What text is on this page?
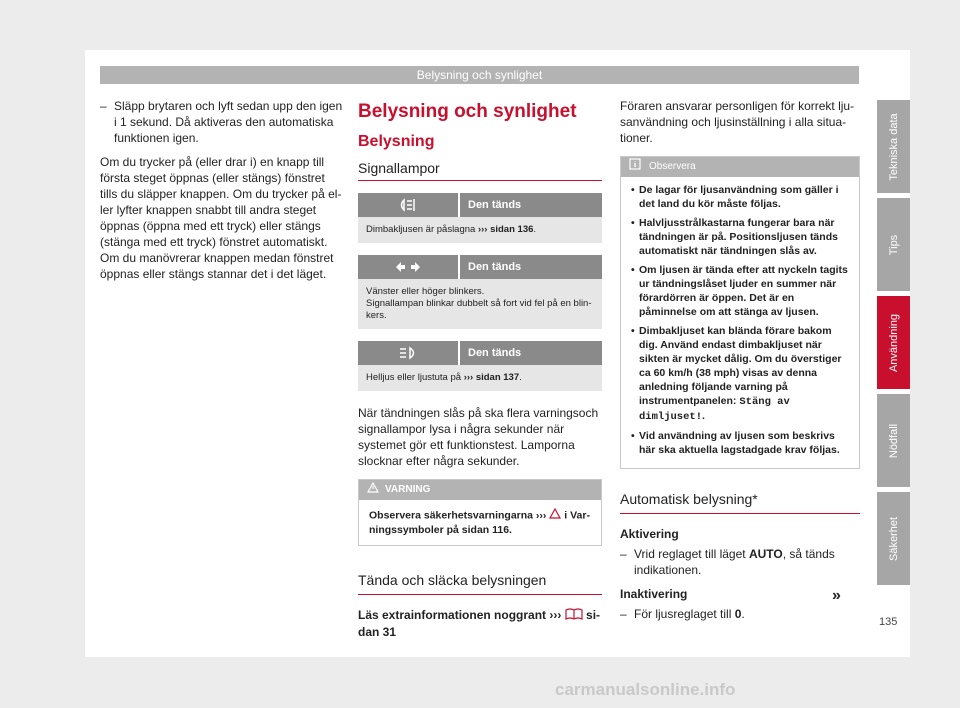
Belysning och synlighet
– Släpp brytaren och lyft sedan upp den igen i 1 sekund. Då aktiveras den automatiska funktionen igen.

Om du trycker på (eller drar i) en knapp till första steget öppnas (eller stängs) fönstret tills du släpper knappen. Om du trycker på eller lyfter knappen snabbt till andra steget öppnas (öppna med ett tryck) eller stängs (stänga med ett tryck) fönstret automatiskt. Om du manövrerar knappen medan fönstret öppnas eller stängs stannar det i det läget.

Belysning och synlighet
Belysning
Signallampor
Den tänds
Dimbakljusen är påslagna ››› sidan 136.
Den tänds
Vänster eller höger blinkers.
Signallampan blinkar dubbelt så fort vid fel på en blinkers.
Den tänds
Helljus eller ljustuta på ››› sidan 137.

När tändningen slås på ska flera varningsoch signallampor lysa i några sekunder när systemet gör ett funktionstest. Lamporna slocknar efter några sekunder.

VARNING
Observera säkerhetsvarningarna ›››  i Varningssymboler på sidan 116.
Tända och släcka belysningen
Läs extrainformationen noggrant ›››  sidan 31

Föraren ansvarar personligen för korrekt ljusanvändning och ljusinställning i alla situationer.

Observera
• De lagar för ljusanvändning som gäller i det land du kör måste följas.
• Halvljusstrålkastarna fungerar bara när tändningen är på. Positionsljusen tänds automatiskt när tändningen slås av.
• Om ljusen är tända efter att nyckeln tagits ur tändningslåset ljuder en summer när förardörren är öppen. Det är en påminnelse om att stänga av ljusen.
• Dimbakljuset kan blända förare bakom dig. Använd endast dimbakljuset när sikten är mycket dålig. Om du överstiger ca 60 km/h (38 mph) visas av denna anledning följande varning på instrumentpanelen: Stäng av dimljuset!.
• Vid användning av ljusen som beskrivs här ska aktuella lagstadgade krav följas.
Automatisk belysning*
Aktivering
– Vrid reglaget till läget AUTO, så tänds indikationen.
Inaktivering
– För ljusreglaget till 0.
»
Tekniska data
Tips
Användning
Nödfall
Säkerhet
135
carmanualsonline.info
